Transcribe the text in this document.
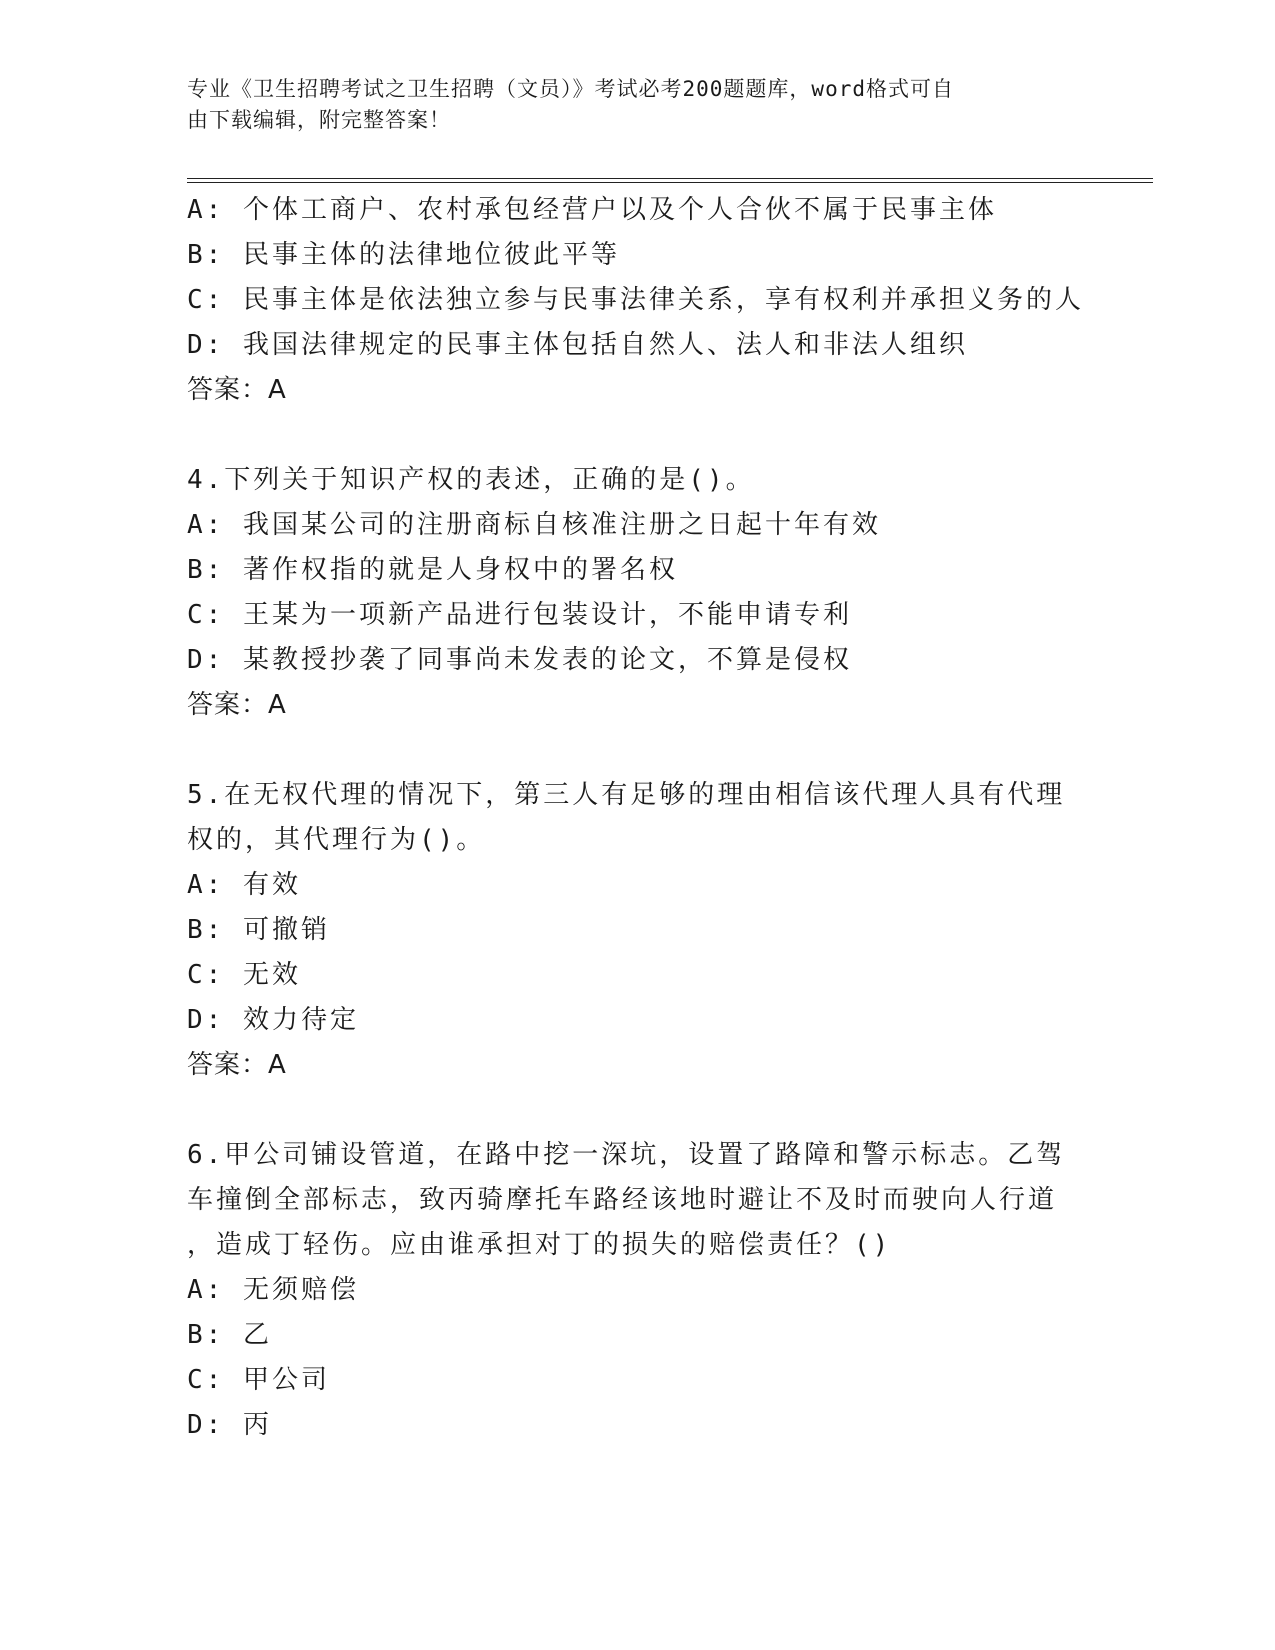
专业《卫生招聘考试之卫生招聘（文员）》考试必考200题题库，word格式可自
由下载编辑，附完整答案！
A: 个体工商户、农村承包经营户以及个人合伙不属于民事主体
B: 民事主体的法律地位彼此平等
C: 民事主体是依法独立参与民事法律关系，享有权利并承担义务的人
D: 我国法律规定的民事主体包括自然人、法人和非法人组织
答案：A
4.下列关于知识产权的表述，正确的是()。
A: 我国某公司的注册商标自核准注册之日起十年有效
B: 著作权指的就是人身权中的署名权
C: 王某为一项新产品进行包装设计，不能申请专利
D: 某教授抄袭了同事尚未发表的论文，不算是侵权
答案：A
5.在无权代理的情况下，第三人有足够的理由相信该代理人具有代理
权的，其代理行为()。
A: 有效
B: 可撤销
C: 无效
D: 效力待定
答案：A
6.甲公司铺设管道，在路中挖一深坑，设置了路障和警示标志。乙驾
车撞倒全部标志，致丙骑摩托车路经该地时避让不及时而驶向人行道
，造成丁轻伤。应由谁承担对丁的损失的赔偿责任？()
A: 无须赔偿
B: 乙
C: 甲公司
D: 丙
